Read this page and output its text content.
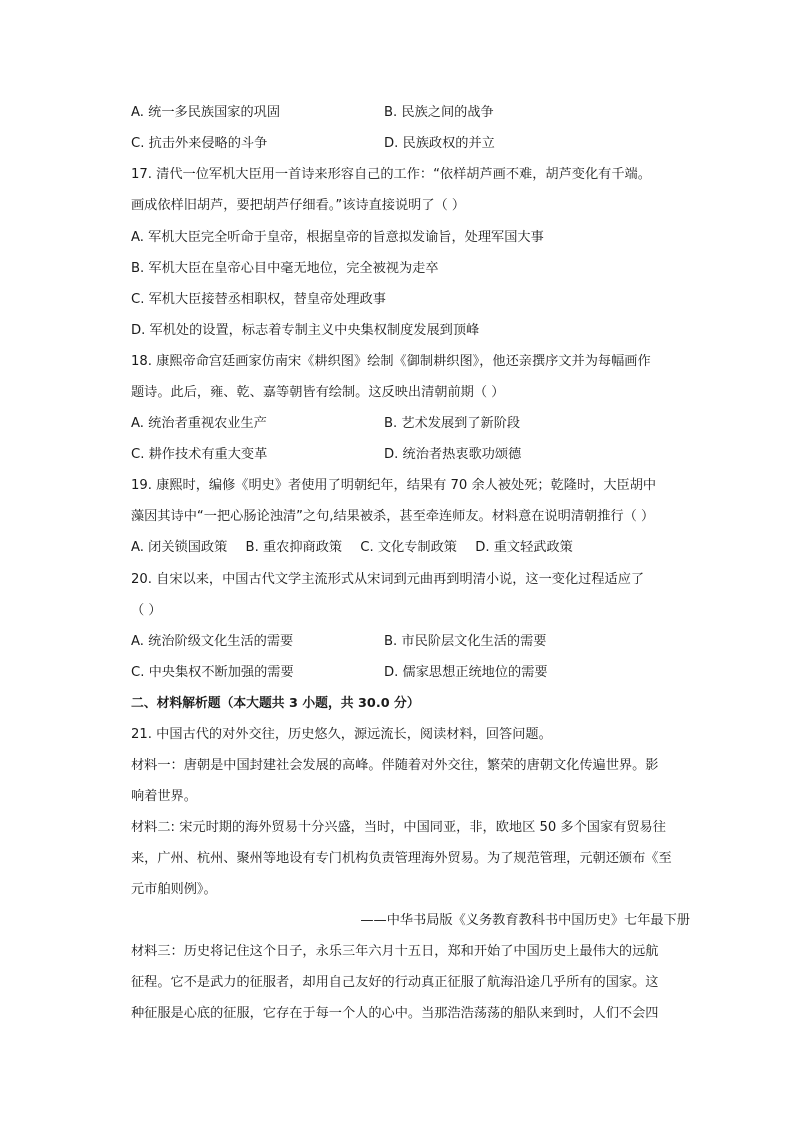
A. 统一多民族国家的巩固	B. 民族之间的战争
C. 抗击外来侵略的斗争	D. 民族政权的并立
17. 清代一位军机大臣用一首诗来形容自己的工作：“依样胡芦画不难，胡芦变化有千端。
画成依样旧胡芦，要把胡芦仔细看。”该诗直接说明了（ ）
A. 军机大臣完全听命于皇帝，根据皇帝的旨意拟发谕旨，处理军国大事
B. 军机大臣在皇帝心目中毫无地位，完全被视为走卒
C. 军机大臣接替丞相职权，替皇帝处理政事
D. 军机处的设置，标志着专制主义中央集权制度发展到顶峰
18. 康熙帝命宫廷画家仿南宋《耕织图》绘制《御制耕织图》，他还亲撰序文并为每幅画作
题诗。此后，雍、乾、嘉等朝皆有绘制。这反映出清朝前期（ ）
A. 统治者重视农业生产	B. 艺术发展到了新阶段
C. 耕作技术有重大变革	D. 统治者热衷歌功颂德
19. 康熙时，编修《明史》者使用了明朝纪年，结果有 70 余人被处死；乾隆时，大臣胡中
藻因其诗中“一把心肠论浊清”之句,结果被杀，甚至牵连师友。材料意在说明清朝推行（ ）
A. 闭关锁国政策 B. 重农抑商政策 C. 文化专制政策 D. 重文轻武政策
20. 自宋以来，中国古代文学主流形式从宋词到元曲再到明清小说，这一变化过程适应了
（ ）
A. 统治阶级文化生活的需要	B. 市民阶层文化生活的需要
C. 中央集权不断加强的需要	D. 儒家思想正统地位的需要
二、材料解析题（本大题共 3 小题，共 30.0 分）
21. 中国古代的对外交往，历史悠久，源远流长，阅读材料，回答问题。
材料一：唐朝是中国封建社会发展的高峰。伴随着对外交往，繁荣的唐朝文化传遍世界。影
响着世界。
材料二: 宋元时期的海外贸易十分兴盛，当时，中国同亚，非，欧地区 50 多个国家有贸易往
来，广州、杭州、聚州等地设有专门机构负责管理海外贸易。为了规范管理，元朝还颁布《至
元市舶则例》。
——中华书局版《义务教育教科书中国历史》七年最下册
材料三：历史将记住这个日子，永乐三年六月十五日，郑和开始了中国历史上最伟大的远航
征程。它不是武力的征服者，却用自己友好的行动真正征服了航海沿途几乎所有的国家。这
种征服是心底的征服，它存在于每一个人的心中。当那浩浩荡荡的船队来到时，人们不会四
